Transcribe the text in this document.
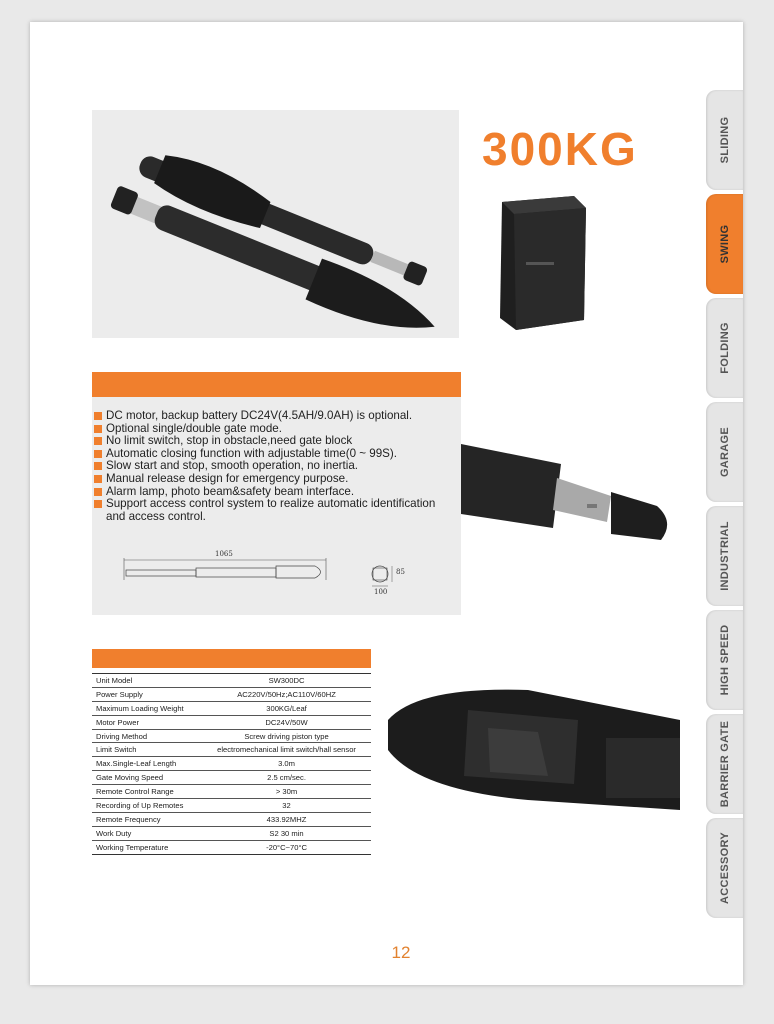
300KG
DC motor, backup battery DC24V(4.5AH/9.0AH) is optional.
Optional single/double gate mode.
No limit switch, stop in obstacle,need gate block
Automatic closing function with adjustable time(0 ~ 99S).
Slow start and stop, smooth operation, no inertia.
Manual release design for emergency purpose.
Alarm lamp, photo beam&safety beam interface.
Support access control system to realize automatic identification and access control.
1065
85
100
Unit Model	SW300DC
Power Supply	AC220V/50Hz;AC110V/60HZ
Maximum Loading Weight	300KG/Leaf
Motor Power	DC24V/50W
Driving Method	Screw driving piston type
Limit Switch	electromechanical limit switch/hall sensor
Max.Single-Leaf Length	3.0m
Gate Moving Speed	2.5 cm/sec.
Remote Control Range	> 30m
Recording of Up Remotes	32
Remote Frequency	433.92MHZ
Work Duty	S2 30 min
Working Temperature	-20°C~70°C
SLIDING
SWING
FOLDING
GARAGE
INDUSTRIAL
HIGH SPEED
BARRIER GATE
ACCESSORY
12
